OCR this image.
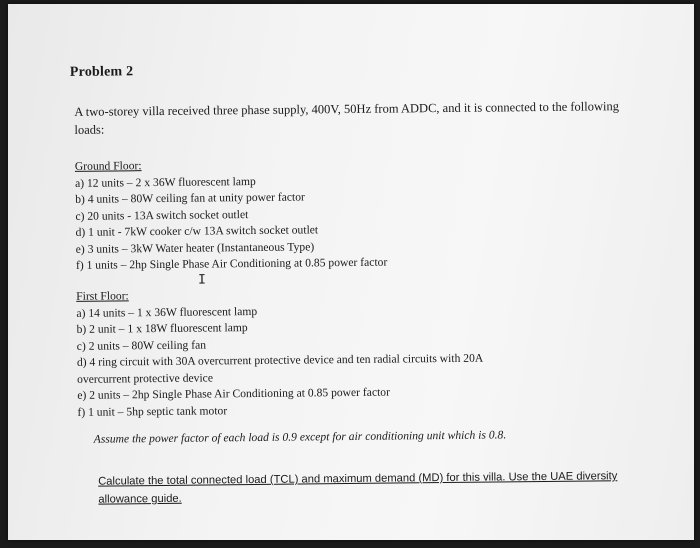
Problem 2
A two-storey villa received three phase supply, 400V, 50Hz from ADDC, and it is connected to the following loads:
Ground Floor:
a) 12 units – 2 x 36W fluorescent lamp
b) 4 units – 80W ceiling fan at unity power factor
c) 20 units - 13A switch socket outlet
d) 1 unit - 7kW cooker c/w 13A switch socket outlet
e) 3 units – 3kW Water heater (Instantaneous Type)
f) 1 units – 2hp Single Phase Air Conditioning at 0.85 power factor
I
First Floor:
a) 14 units – 1 x 36W fluorescent lamp
b) 2 unit – 1 x 18W fluorescent lamp
c) 2 units – 80W ceiling fan
d) 4 ring circuit with 30A overcurrent protective device and ten radial circuits with 20A overcurrent protective device
e) 2 units – 2hp Single Phase Air Conditioning at 0.85 power factor
f) 1 unit – 5hp septic tank motor
Assume the power factor of each load is 0.9 except for air conditioning unit which is 0.8.
Calculate the total connected load (TCL) and maximum demand (MD) for this villa. Use the UAE diversity allowance guide.
